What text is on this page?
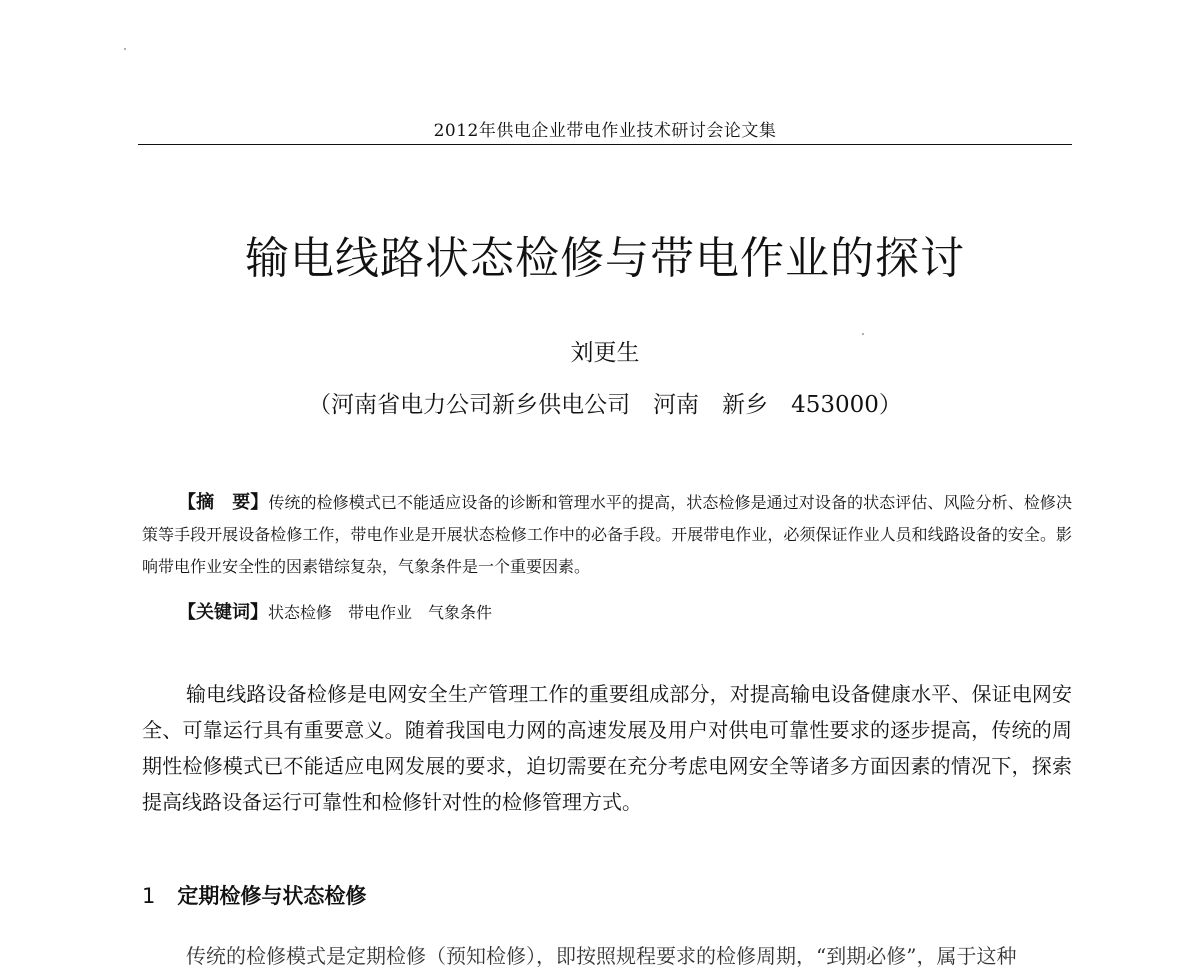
2012年供电企业带电作业技术研讨会论文集
输电线路状态检修与带电作业的探讨
刘更生
（河南省电力公司新乡供电公司　河南　新乡　453000）
【摘　要】传统的检修模式已不能适应设备的诊断和管理水平的提高，状态检修是通过对设备的状态评估、风险分析、检修决策等手段开展设备检修工作，带电作业是开展状态检修工作中的必备手段。开展带电作业，必须保证作业人员和线路设备的安全。影响带电作业安全性的因素错综复杂，气象条件是一个重要因素。
【关键词】状态检修　带电作业　气象条件
输电线路设备检修是电网安全生产管理工作的重要组成部分，对提高输电设备健康水平、保证电网安全、可靠运行具有重要意义。随着我国电力网的高速发展及用户对供电可靠性要求的逐步提高，传统的周期性检修模式已不能适应电网发展的要求，迫切需要在充分考虑电网安全等诸多方面因素的情况下，探索提高线路设备运行可靠性和检修针对性的检修管理方式。
1 定期检修与状态检修
传统的检修模式是定期检修（预知检修），即按照规程要求的检修周期，“到期必修”，属于这种
